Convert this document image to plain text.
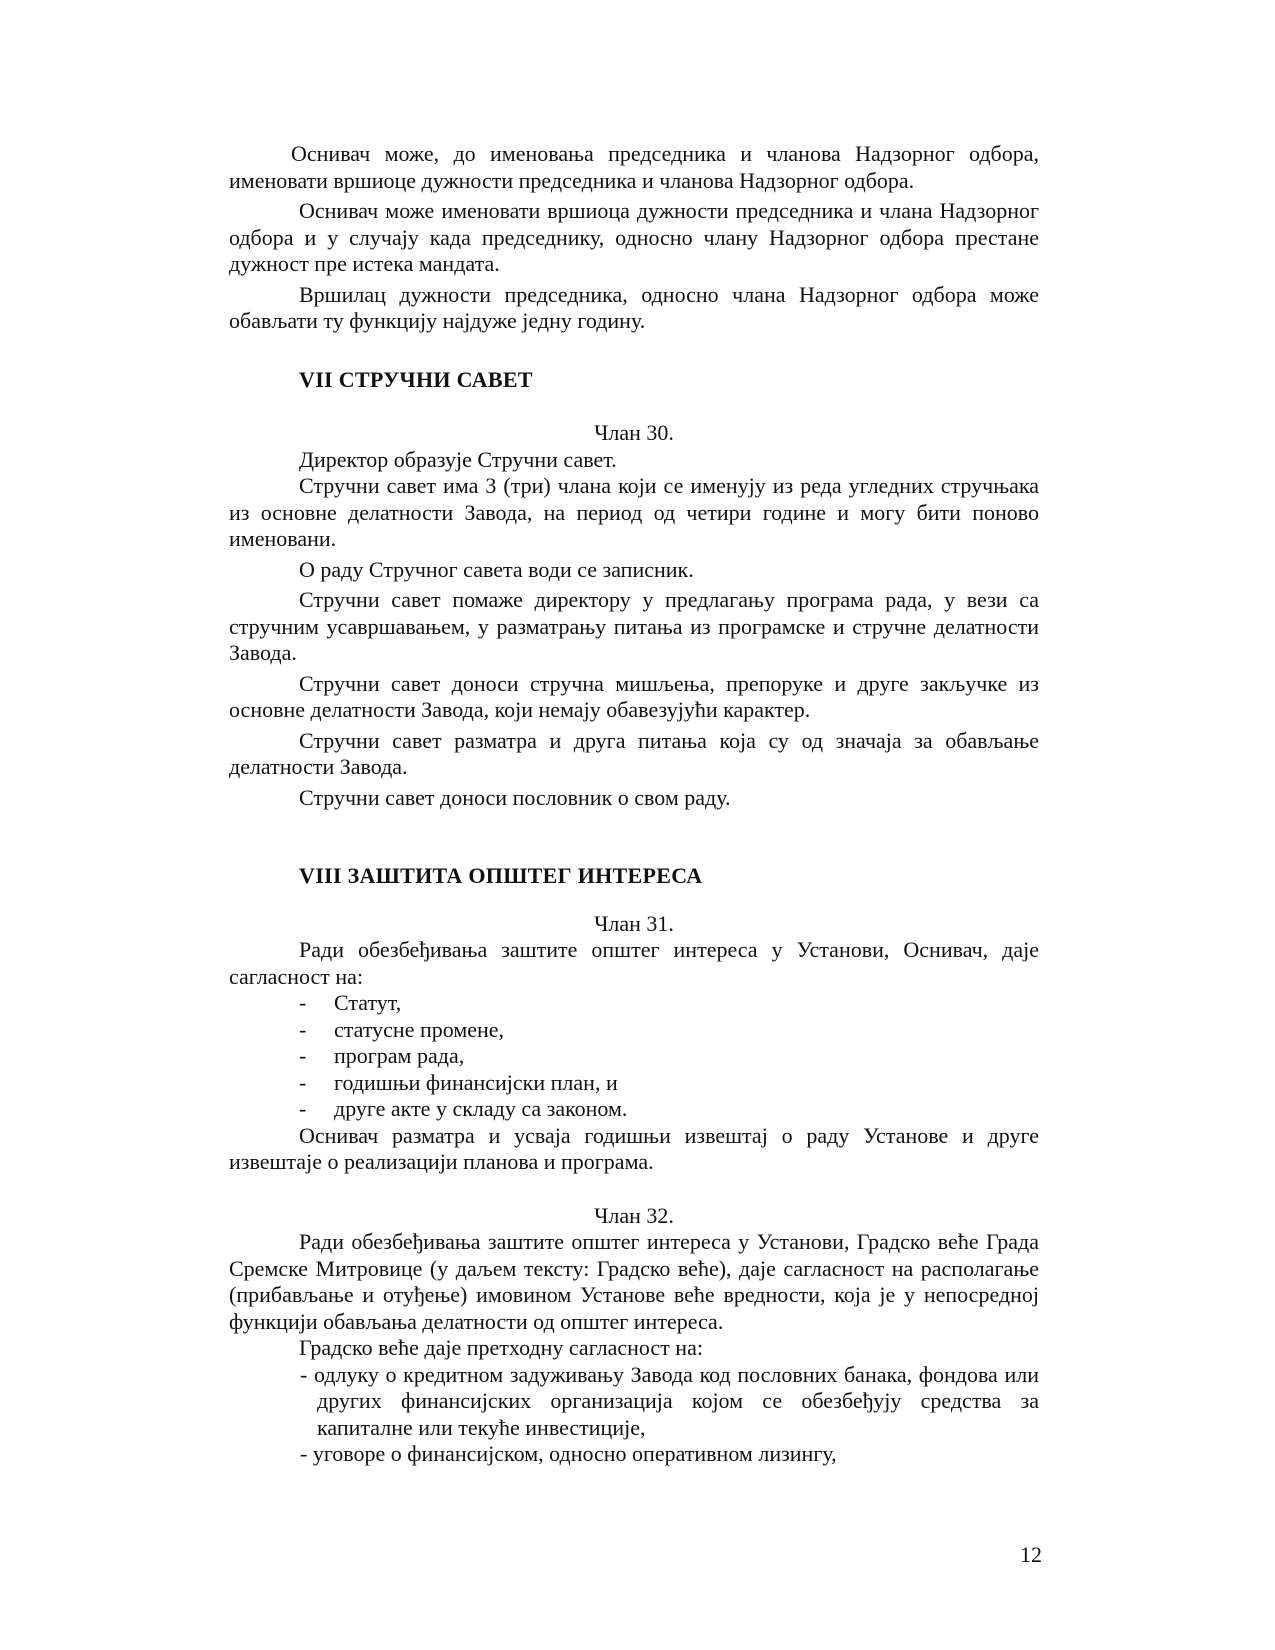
Оснивач може, до именовања председника и чланова Надзорног одбора, именовати вршиоце дужности председника и чланова Надзорног одбора.

Оснивач може именовати вршиоца дужности председника и члана Надзорног одбора и у случају када председнику, односно члану Надзорног одбора престане дужност пре истека мандата.

Вршилац дужности председника, односно члана Надзорног одбора може обављати ту функцију најдуже једну годину.

VII СТРУЧНИ САВЕТ

Члан 30.

Директор образује Стручни савет.

Стручни савет има 3 (три) члана који се именују из реда угледних стручњака из основне делатности Завода, на период од четири године и могу бити поново именовани.

О раду Стручног савета води се записник.

Стручни савет помаже директору у предлагању програма рада, у вези са стручним усавршавањем, у разматрању питања из програмске и стручне делатности Завода.

Стручни савет доноси стручна мишљења, препоруке и друге закључке из основне делатности Завода, који немају обавезујући карактер.

Стручни савет разматра и друга питања која су од значаја за обављање делатности Завода.

Стручни савет доноси пословник о свом раду.

VIII ЗАШТИТА ОПШТЕГ ИНТЕРЕСА

Члан 31.

Ради обезбеђивања заштите општег интереса у Установи, Оснивач, даје сагласност на:

- Статут,
- статусне промене,
- програм рада,
- годишњи финансијски план, и
- друге акте у складу са законом.

Оснивач разматра и усваја годишњи извештај о раду Установе и друге извештаје о реализацији планова и програма.

Члан 32.

Ради обезбеђивања заштите општег интереса у Установи, Градско веће Града Сремске Митровице (у даљем тексту: Градско веће), даје сагласност на располагање (прибављање и отуђење) имовином Установе веће вредности, која је у непосредној функцији обављања делатности од општег интереса.

Градско веће даје претходну сагласност на:

- одлуку о кредитном задуживању Завода код пословних банака, фондова или других финансијских организација којом се обезбеђују средства за капиталне или текуће инвестиције,

- уговоре о финансијском, односно оперативном лизингу,

12
